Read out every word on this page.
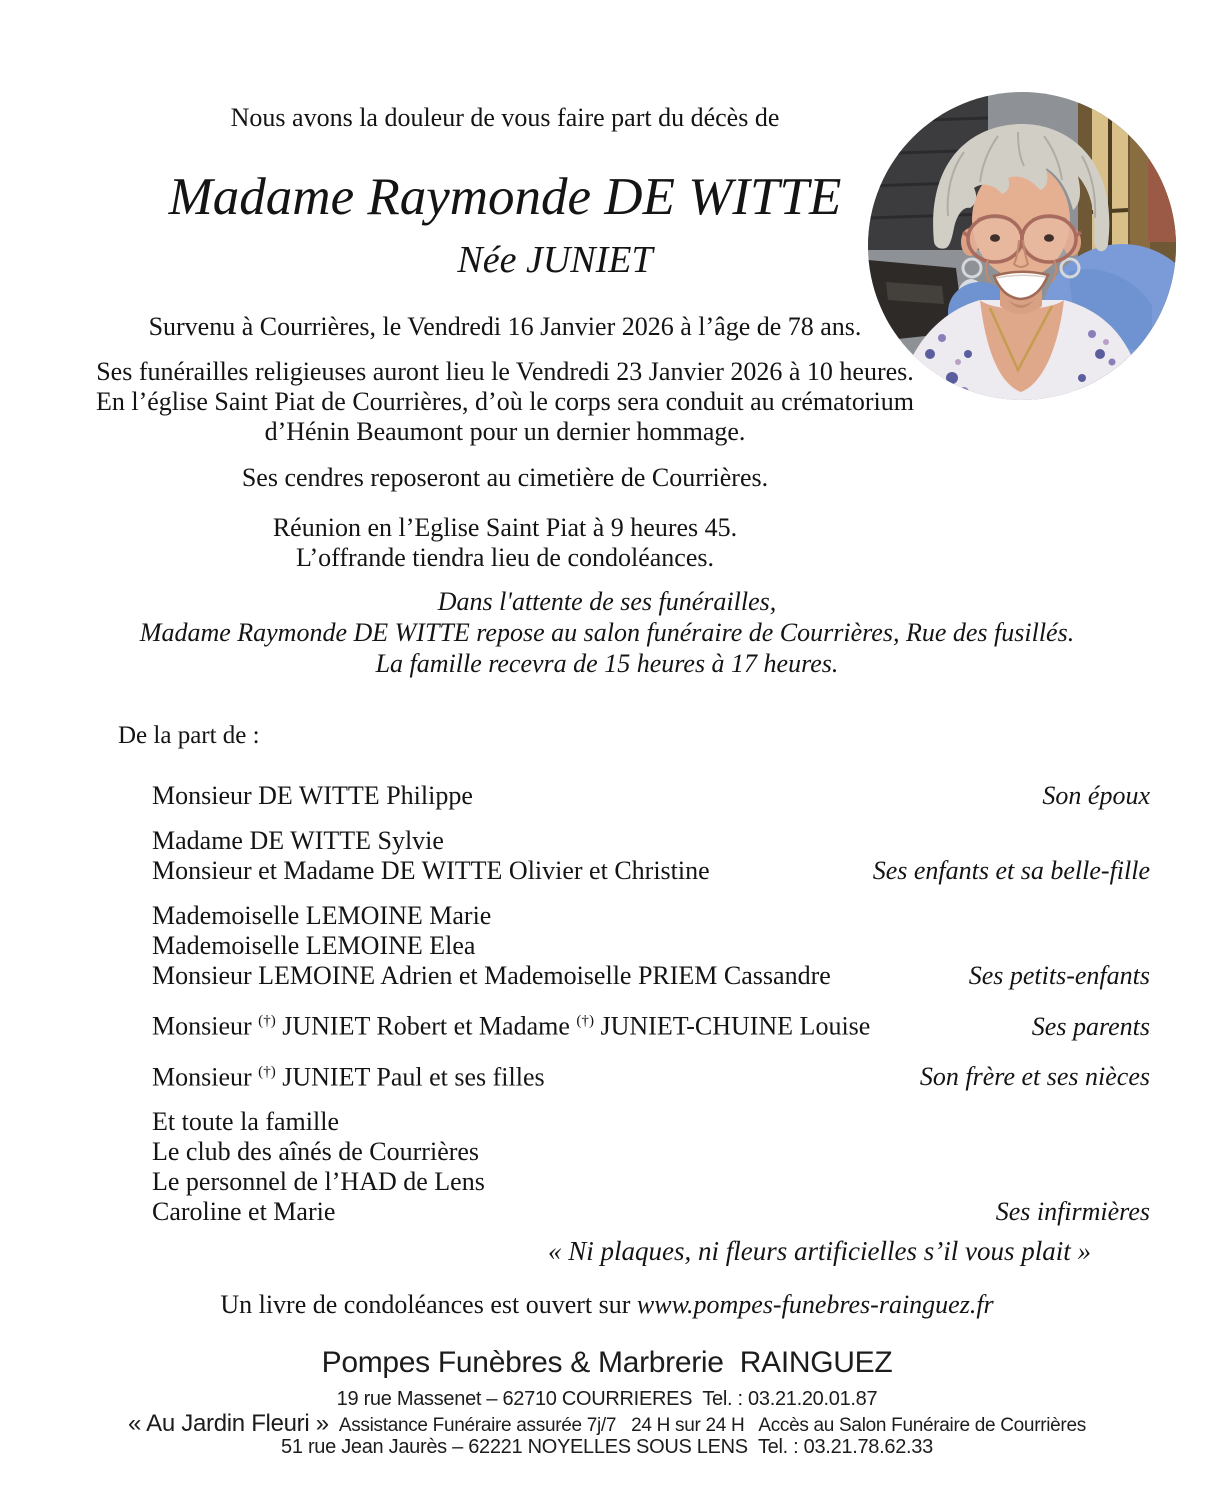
Nous avons la douleur de vous faire part du décès de
Madame Raymonde DE WITTE
Née JUNIET
Survenu à Courrières, le Vendredi 16 Janvier 2026 à l’âge de 78 ans.
Ses funérailles religieuses auront lieu le Vendredi 23 Janvier 2026 à 10 heures.
En l’église Saint Piat de Courrières, d’où le corps sera conduit au crématorium
d’Hénin Beaumont pour un dernier hommage.
Ses cendres reposeront au cimetière de Courrières.
Réunion en l’Eglise Saint Piat à 9 heures 45.
L’offrande tiendra lieu de condoléances.
Dans l'attente de ses funérailles,
Madame Raymonde DE WITTE repose au salon funéraire de Courrières, Rue des fusillés.
La famille recevra de 15 heures à 17 heures.
De la part de :
Monsieur DE WITTE Philippe	Son époux
Madame DE WITTE Sylvie
Monsieur et Madame DE WITTE Olivier et Christine	Ses enfants et sa belle-fille
Mademoiselle LEMOINE Marie
Mademoiselle LEMOINE Elea
Monsieur LEMOINE Adrien et Mademoiselle PRIEM Cassandre	Ses petits-enfants
Monsieur (†) JUNIET Robert et Madame (†) JUNIET-CHUINE Louise	Ses parents
Monsieur (†) JUNIET Paul et ses filles	Son frère et ses nièces
Et toute la famille
Le club des aînés de Courrières
Le personnel de l’HAD de Lens
Caroline et Marie	Ses infirmières
« Ni plaques, ni fleurs artificielles s’il vous plait »
Un livre de condoléances est ouvert sur www.pompes-funebres-rainguez.fr
Pompes Funèbres & Marbrerie  RAINGUEZ
19 rue Massenet – 62710 COURRIERES  Tel. : 03.21.20.01.87
« Au Jardin Fleuri » Assistance Funéraire assurée 7j/7   24 H sur 24 H   Accès au Salon Funéraire de Courrières
51 rue Jean Jaurès – 62221 NOYELLES SOUS LENS  Tel. : 03.21.78.62.33
